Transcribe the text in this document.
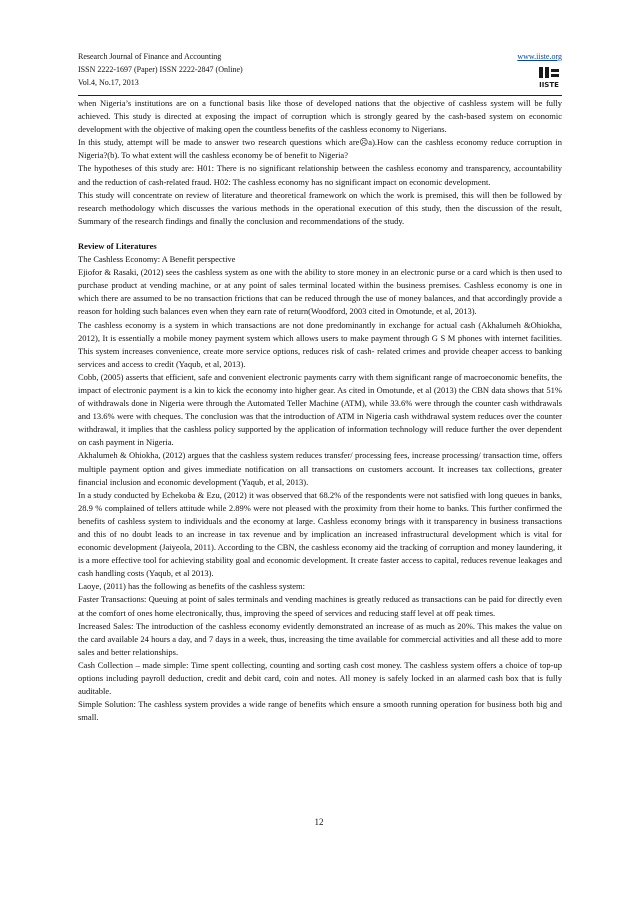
Research Journal of Finance and Accounting
ISSN 2222-1697 (Paper) ISSN 2222-2847 (Online)
Vol.4, No.17, 2013
www.iiste.org
IISTE

when Nigeria’s institutions are on a functional basis like those of developed nations that the objective of cashless system will be fully achieved. This study is directed at exposing the impact of corruption which is strongly geared by the cash-based system on economic development with the objective of making open the countless benefits of the cashless economy to Nigerians.

In this study, attempt will be made to answer two research questions which are☹a).How can the cashless economy reduce corruption in Nigeria?(b). To what extent will the cashless economy be of benefit to Nigeria?

The hypotheses of this study are: H01: There is no significant relationship between the cashless economy and transparency, accountability and the reduction of cash-related fraud. H02: The cashless economy has no significant impact on economic development.

This study will concentrate on review of literature and theoretical framework on which the work is premised, this will then be followed by research methodology which discusses the various methods in the operational execution of this study, then the discussion of the result, Summary of the research findings and finally the conclusion and recommendations of the study.

Review of Literatures

The Cashless Economy: A Benefit perspective

Ejiofor & Rasaki, (2012) sees the cashless system as one with the ability to store money in an electronic purse or a card which is then used to purchase product at vending machine, or at any point of sales terminal located within the business premises. Cashless economy is one in which there are assumed to be no transaction frictions that can be reduced through the use of money balances, and that accordingly provide a reason for holding such balances even when they earn rate of return(Woodford, 2003 cited in Omotunde, et al, 2013).

The cashless economy is a system in which transactions are not done predominantly in exchange for actual cash (Akhalumeh &Ohiokha, 2012), It is essentially a mobile money payment system which allows users to make payment through G S M phones with internet facilities. This system increases convenience, create more service options, reduces risk of cash- related crimes and provide cheaper access to banking services and access to credit (Yaqub, et al, 2013).

Cobb, (2005) asserts that efficient, safe and convenient electronic payments carry with them significant range of macroeconomic benefits, the impact of electronic payment is a kin to kick the economy into higher gear. As cited in Omotunde, et al (2013) the CBN data shows that 51% of withdrawals done in Nigeria were through the Automated Teller Machine (ATM), while 33.6% were through the counter cash withdrawals and 13.6% were with cheques. The conclusion was that the introduction of ATM in Nigeria cash withdrawal system reduces over the counter withdrawal, it implies that the cashless policy supported by the application of information technology will reduce further the over dependent on cash payment in Nigeria.

Akhalumeh & Ohiokha, (2012) argues that the cashless system reduces transfer/ processing fees, increase processing/ transaction time, offers multiple payment option and gives immediate notification on all transactions on customers account. It increases tax collections, greater financial inclusion and economic development (Yaqub, et al, 2013).

In a study conducted by Echekoba & Ezu, (2012) it was observed that 68.2% of the respondents were not satisfied with long queues in banks, 28.9 % complained of tellers attitude while 2.89% were not pleased with the proximity from their home to banks. This further confirmed the benefits of cashless system to individuals and the economy at large. Cashless economy brings with it transparency in business transactions and this of no doubt leads to an increase in tax revenue and by implication an increased infrastructural development which is vital for economic development (Jaiyeola, 2011). According to the CBN, the cashless economy aid the tracking of corruption and money laundering, it is a more effective tool for achieving stability goal and economic development. It create faster access to capital, reduces revenue leakages and cash handling costs (Yaqub, et al 2013).

Laoye, (2011) has the following as benefits of the cashless system:

Faster Transactions: Queuing at point of sales terminals and vending machines is greatly reduced as transactions can be paid for directly even at the comfort of ones home electronically, thus, improving the speed of services and reducing staff level at off peak times.

Increased Sales: The introduction of the cashless economy evidently demonstrated an increase of as much as 20%. This makes the value on the card available 24 hours a day, and 7 days in a week, thus, increasing the time available for commercial activities and all these add to more sales and better relationships.

Cash Collection – made simple: Time spent collecting, counting and sorting cash cost money. The cashless system offers a choice of top-up options including payroll deduction, credit and debit card, coin and notes. All money is safely locked in an alarmed cash box that is fully auditable.

Simple Solution: The cashless system provides a wide range of benefits which ensure a smooth running operation for business both big and small.

12
